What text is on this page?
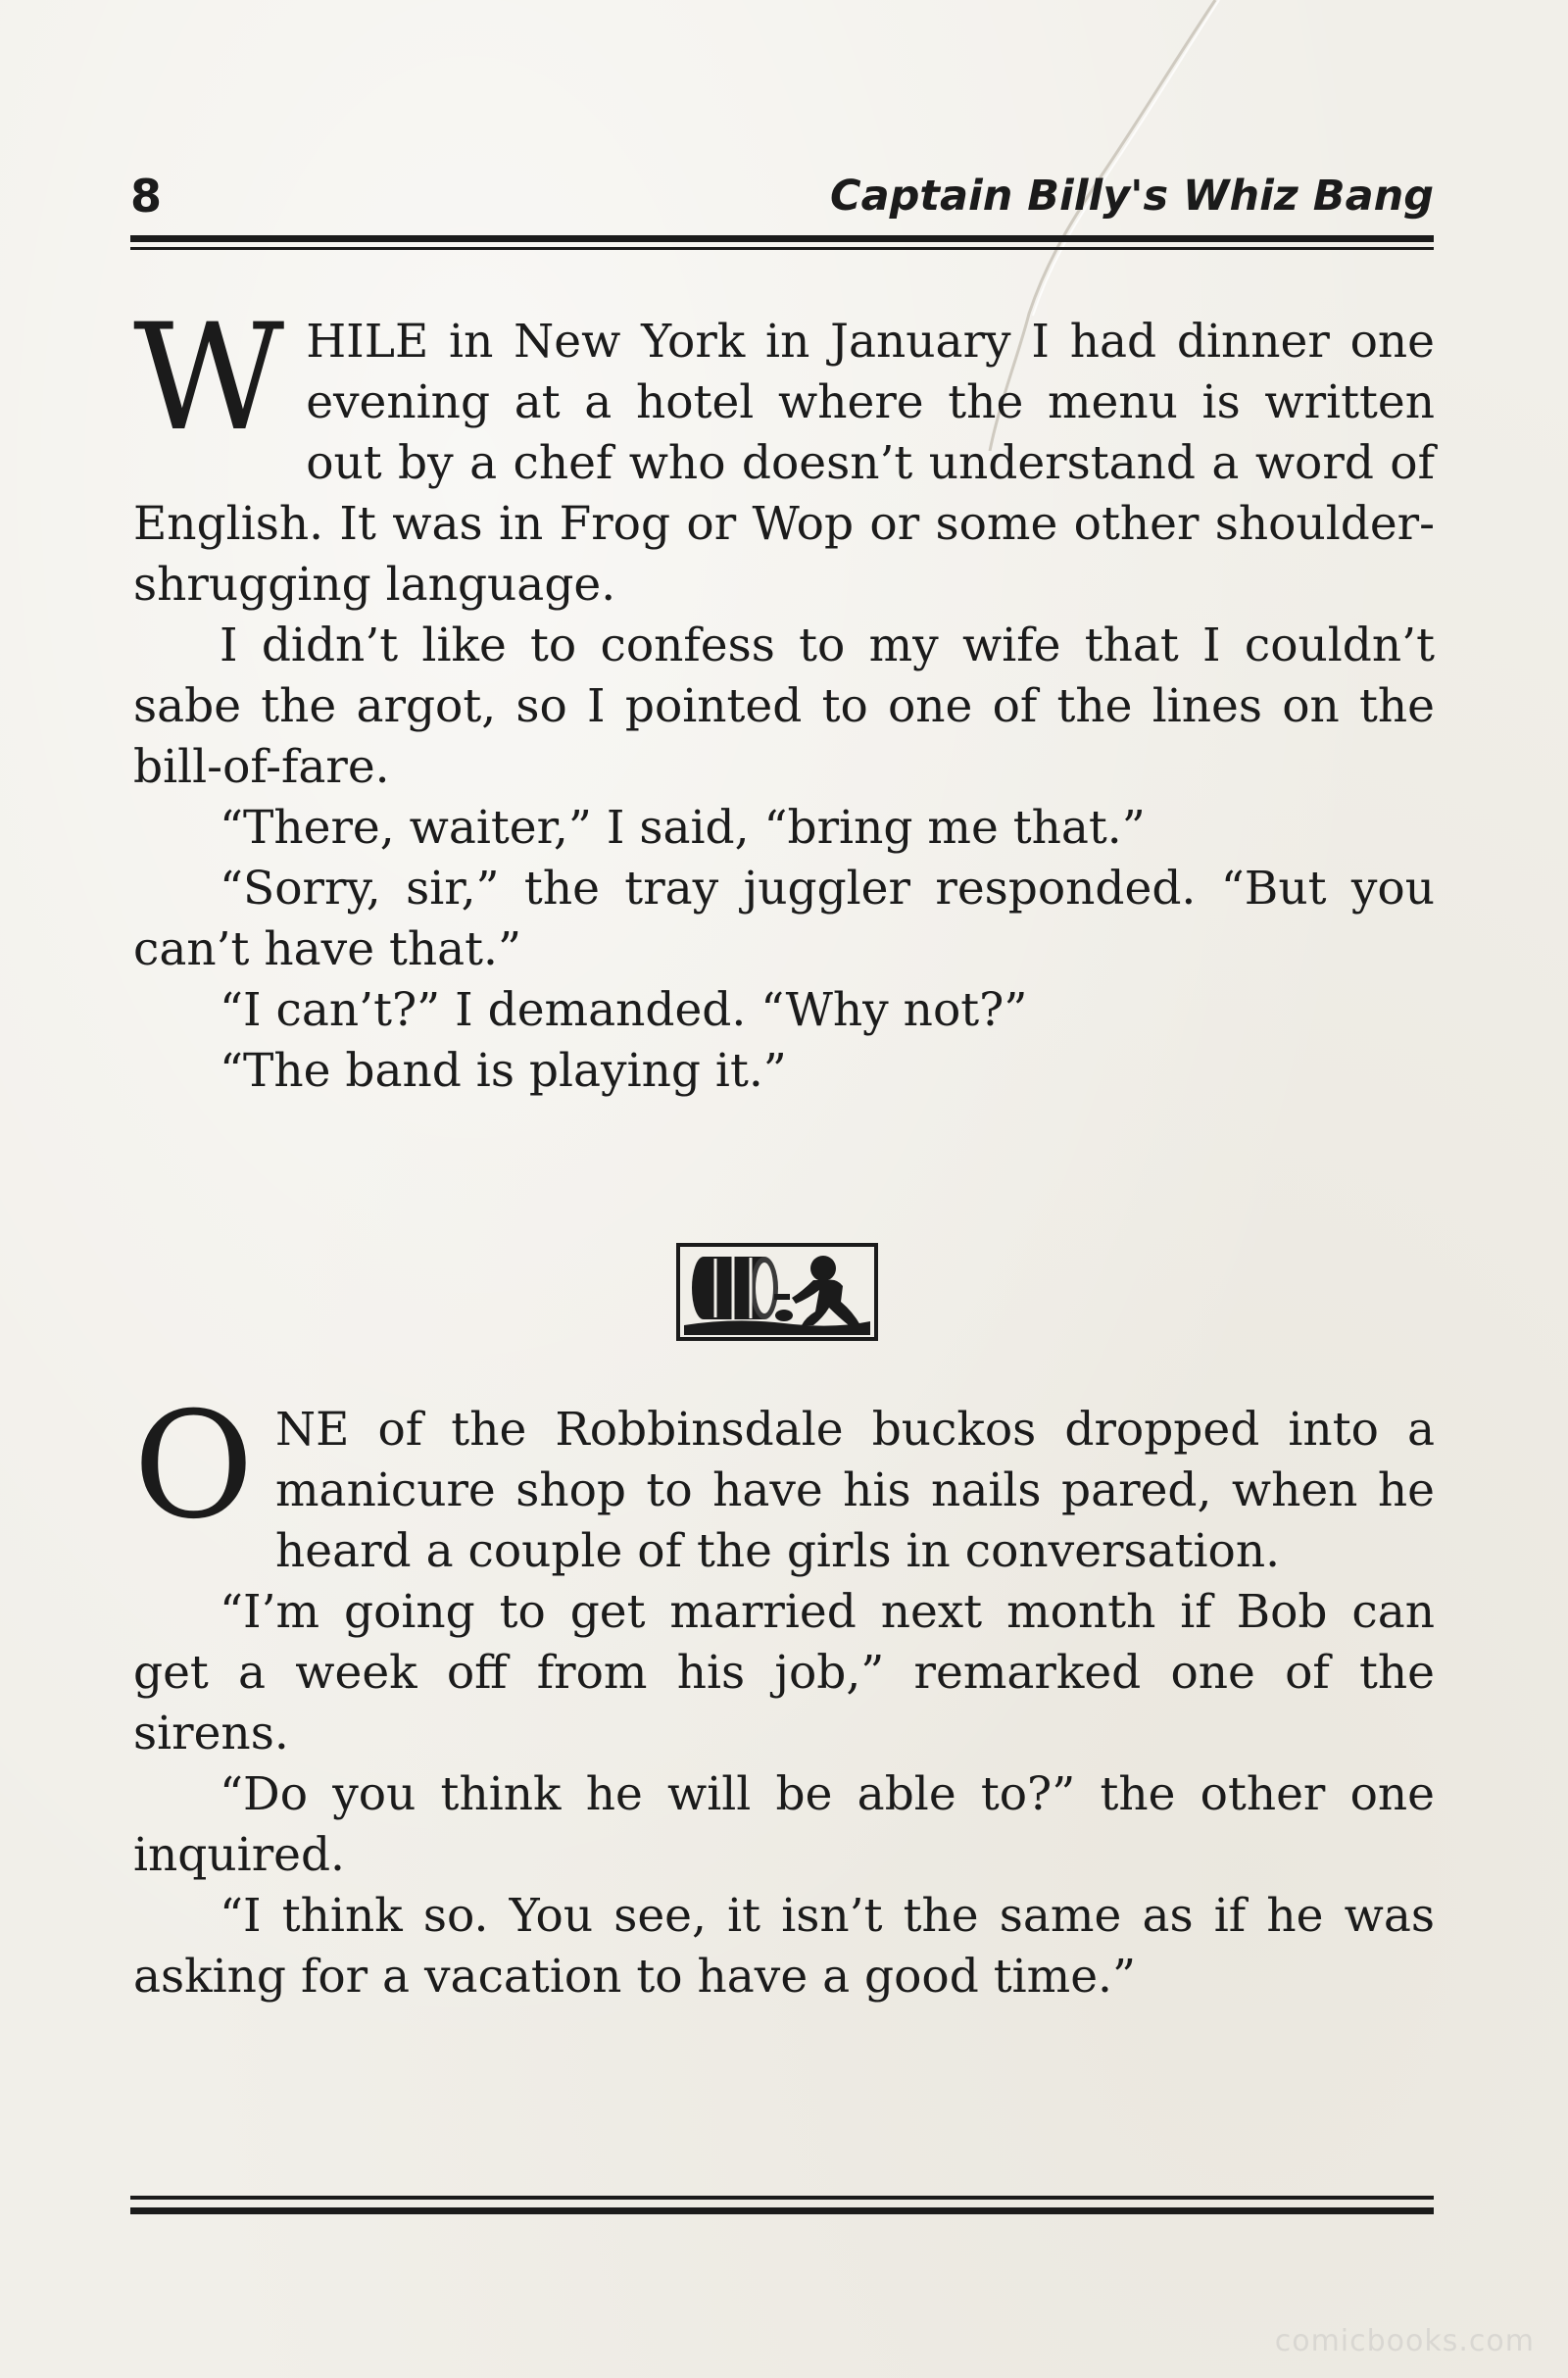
8	Captain Billy's Whiz Bang

WHILE in New York in January I had dinner one evening at a hotel where the menu is written out by a chef who doesn’t understand a word of English. It was in Frog or Wop or some other shoulder-shrugging language.

I didn’t like to confess to my wife that I couldn’t sabe the argot, so I pointed to one of the lines on the bill-of-fare.

“There, waiter,” I said, “bring me that.”

“Sorry, sir,” the tray juggler responded. “But you can’t have that.”

“I can’t?” I demanded. “Why not?”

“The band is playing it.”

ONE of the Robbinsdale buckos dropped into a manicure shop to have his nails pared, when he heard a couple of the girls in conversation.

“I’m going to get married next month if Bob can get a week off from his job,” remarked one of the sirens.

“Do you think he will be able to?” the other one inquired.

“I think so. You see, it isn’t the same as if he was asking for a vacation to have a good time.”

comicbooks.com
